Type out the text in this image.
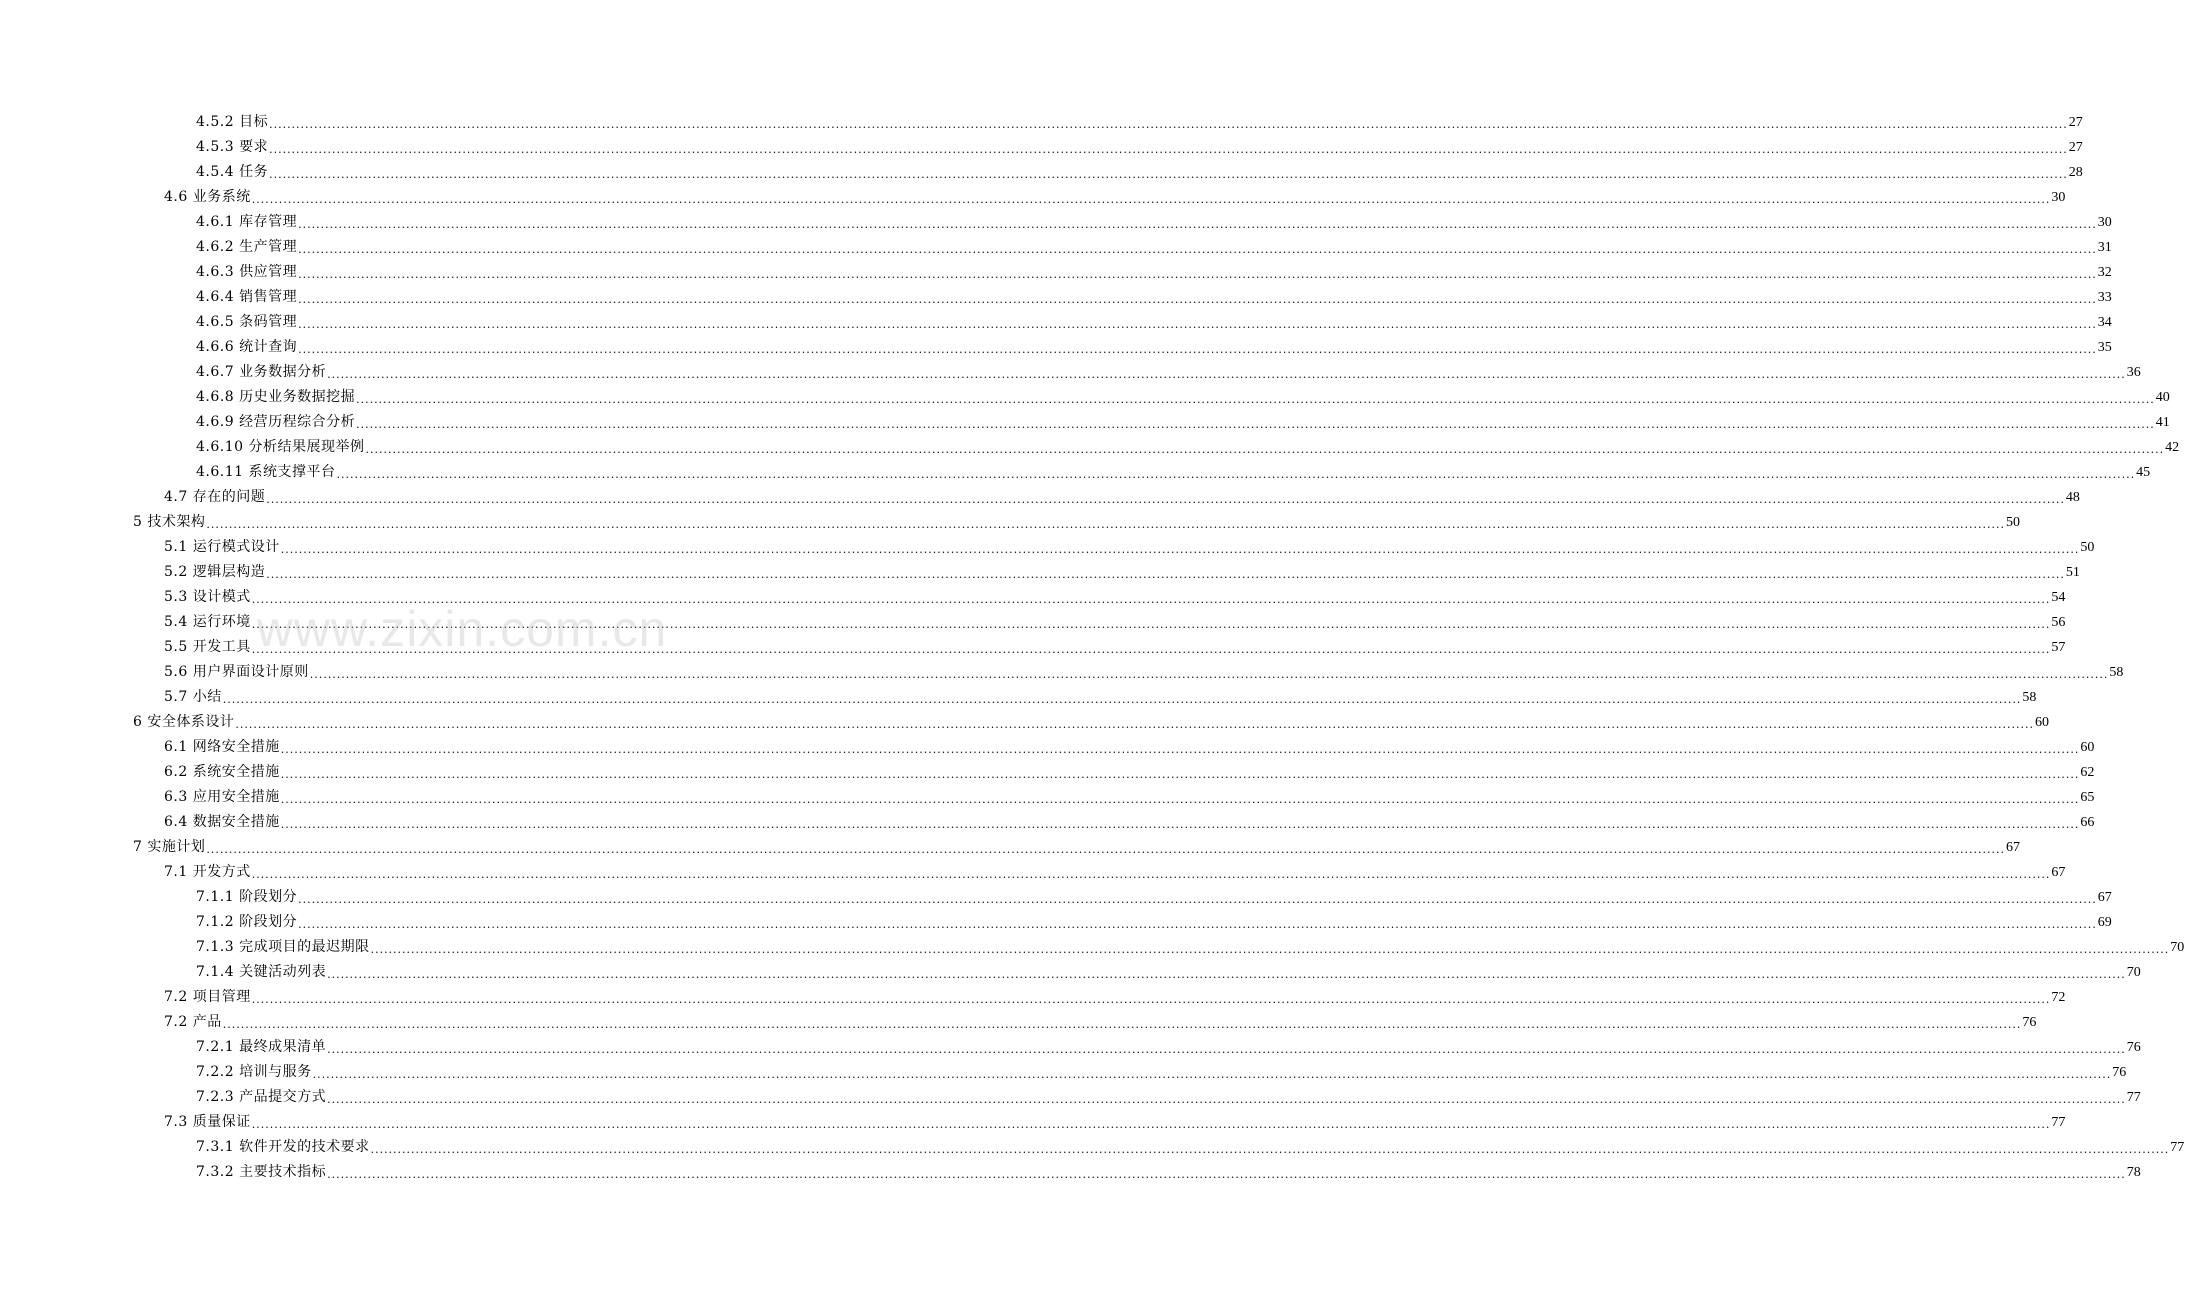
4.5.2 目标 ................................................................................................................................................................................................................................................................................................................................................................................................................ 27
4.5.3 要求 ................................................................................................................................................................................................................................................................................................................................................................................................................ 27
4.5.4 任务 ................................................................................................................................................................................................................................................................................................................................................................................................................ 28
4.6 业务系统 ................................................................................................................................................................................................................................................................................................................................................................................................................ 30
4.6.1 库存管理 ................................................................................................................................................................................................................................................................................................................................................................................................................ 30
4.6.2 生产管理 ................................................................................................................................................................................................................................................................................................................................................................................................................ 31
4.6.3 供应管理 ................................................................................................................................................................................................................................................................................................................................................................................................................ 32
4.6.4 销售管理 ................................................................................................................................................................................................................................................................................................................................................................................................................ 33
4.6.5 条码管理 ................................................................................................................................................................................................................................................................................................................................................................................................................ 34
4.6.6 统计查询 ................................................................................................................................................................................................................................................................................................................................................................................................................ 35
4.6.7 业务数据分析 ................................................................................................................................................................................................................................................................................................................................................................................................................ 36
4.6.8 历史业务数据挖掘 ................................................................................................................................................................................................................................................................................................................................................................................................................ 40
4.6.9 经营历程综合分析 ................................................................................................................................................................................................................................................................................................................................................................................................................ 41
4.6.10 分析结果展现举例 ................................................................................................................................................................................................................................................................................................................................................................................................................ 42
4.6.11 系统支撑平台 ................................................................................................................................................................................................................................................................................................................................................................................................................ 45
4.7 存在的问题 ................................................................................................................................................................................................................................................................................................................................................................................................................ 48
5 技术架构 ................................................................................................................................................................................................................................................................................................................................................................................................................ 50
5.1 运行模式设计 ................................................................................................................................................................................................................................................................................................................................................................................................................ 50
5.2 逻辑层构造 ................................................................................................................................................................................................................................................................................................................................................................................................................ 51
5.3 设计模式 ................................................................................................................................................................................................................................................................................................................................................................................................................ 54
5.4 运行环境 ................................................................................................................................................................................................................................................................................................................................................................................................................ 56
5.5 开发工具 ................................................................................................................................................................................................................................................................................................................................................................................................................ 57
5.6 用户界面设计原则 ................................................................................................................................................................................................................................................................................................................................................................................................................ 58
5.7 小结 ................................................................................................................................................................................................................................................................................................................................................................................................................ 58
6 安全体系设计 ................................................................................................................................................................................................................................................................................................................................................................................................................ 60
6.1 网络安全措施 ................................................................................................................................................................................................................................................................................................................................................................................................................ 60
6.2 系统安全措施 ................................................................................................................................................................................................................................................................................................................................................................................................................ 62
6.3 应用安全措施 ................................................................................................................................................................................................................................................................................................................................................................................................................ 65
6.4 数据安全措施 ................................................................................................................................................................................................................................................................................................................................................................................................................ 66
7 实施计划 ................................................................................................................................................................................................................................................................................................................................................................................................................ 67
7.1 开发方式 ................................................................................................................................................................................................................................................................................................................................................................................................................ 67
7.1.1 阶段划分 ................................................................................................................................................................................................................................................................................................................................................................................................................ 67
7.1.2 阶段划分 ................................................................................................................................................................................................................................................................................................................................................................................................................ 69
7.1.3 完成项目的最迟期限 ................................................................................................................................................................................................................................................................................................................................................................................................................ 70
7.1.4 关键活动列表 ................................................................................................................................................................................................................................................................................................................................................................................................................ 70
7.2 项目管理 ................................................................................................................................................................................................................................................................................................................................................................................................................ 72
7.2 产品 ................................................................................................................................................................................................................................................................................................................................................................................................................ 76
7.2.1 最终成果清单 ................................................................................................................................................................................................................................................................................................................................................................................................................ 76
7.2.2 培训与服务 ................................................................................................................................................................................................................................................................................................................................................................................................................ 76
7.2.3 产品提交方式 ................................................................................................................................................................................................................................................................................................................................................................................................................ 77
7.3 质量保证 ................................................................................................................................................................................................................................................................................................................................................................................................................ 77
7.3.1 软件开发的技术要求 ................................................................................................................................................................................................................................................................................................................................................................................................................ 77
7.3.2 主要技术指标 ................................................................................................................................................................................................................................................................................................................................................................................................................ 78
www.zixin.com.cn
